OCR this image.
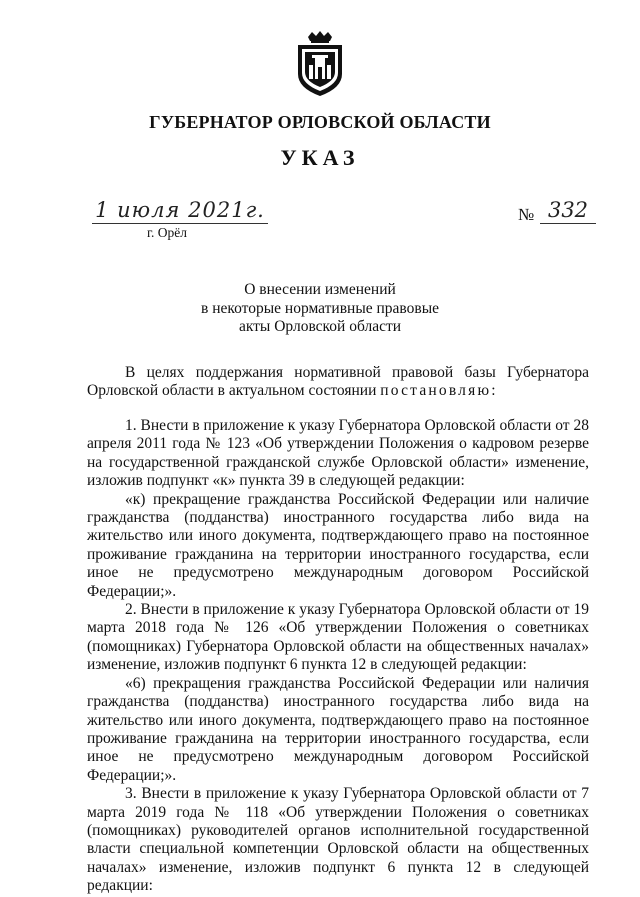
ГУБЕРНАТОР ОРЛОВСКОЙ ОБЛАСТИ
УКАЗ
1 июля 2021г.
г. Орёл
№ 332
О внесении изменений
в некоторые нормативные правовые
акты Орловской области

В целях поддержания нормативной правовой базы Губернатора Орловской области в актуальном состоянии постановляю:

1. Внести в приложение к указу Губернатора Орловской области от 28 апреля 2011 года № 123 «Об утверждении Положения о кадровом резерве на государственной гражданской службе Орловской области» изменение, изложив подпункт «к» пункта 39 в следующей редакции:

«к) прекращение гражданства Российской Федерации или наличие гражданства (подданства) иностранного государства либо вида на жительство или иного документа, подтверждающего право на постоянное проживание гражданина на территории иностранного государства, если иное не предусмотрено международным договором Российской Федерации;».

2. Внести в приложение к указу Губернатора Орловской области от 19 марта 2018 года № 126 «Об утверждении Положения о советниках (помощниках) Губернатора Орловской области на общественных началах» изменение, изложив подпункт 6 пункта 12 в следующей редакции:

«6) прекращения гражданства Российской Федерации или наличия гражданства (подданства) иностранного государства либо вида на жительство или иного документа, подтверждающего право на постоянное проживание гражданина на территории иностранного государства, если иное не предусмотрено международным договором Российской Федерации;».

3. Внести в приложение к указу Губернатора Орловской области от 7 марта 2019 года № 118 «Об утверждении Положения о советниках (помощниках) руководителей органов исполнительной государственной власти специальной компетенции Орловской области на общественных началах» изменение, изложив подпункт 6 пункта 12 в следующей редакции:
